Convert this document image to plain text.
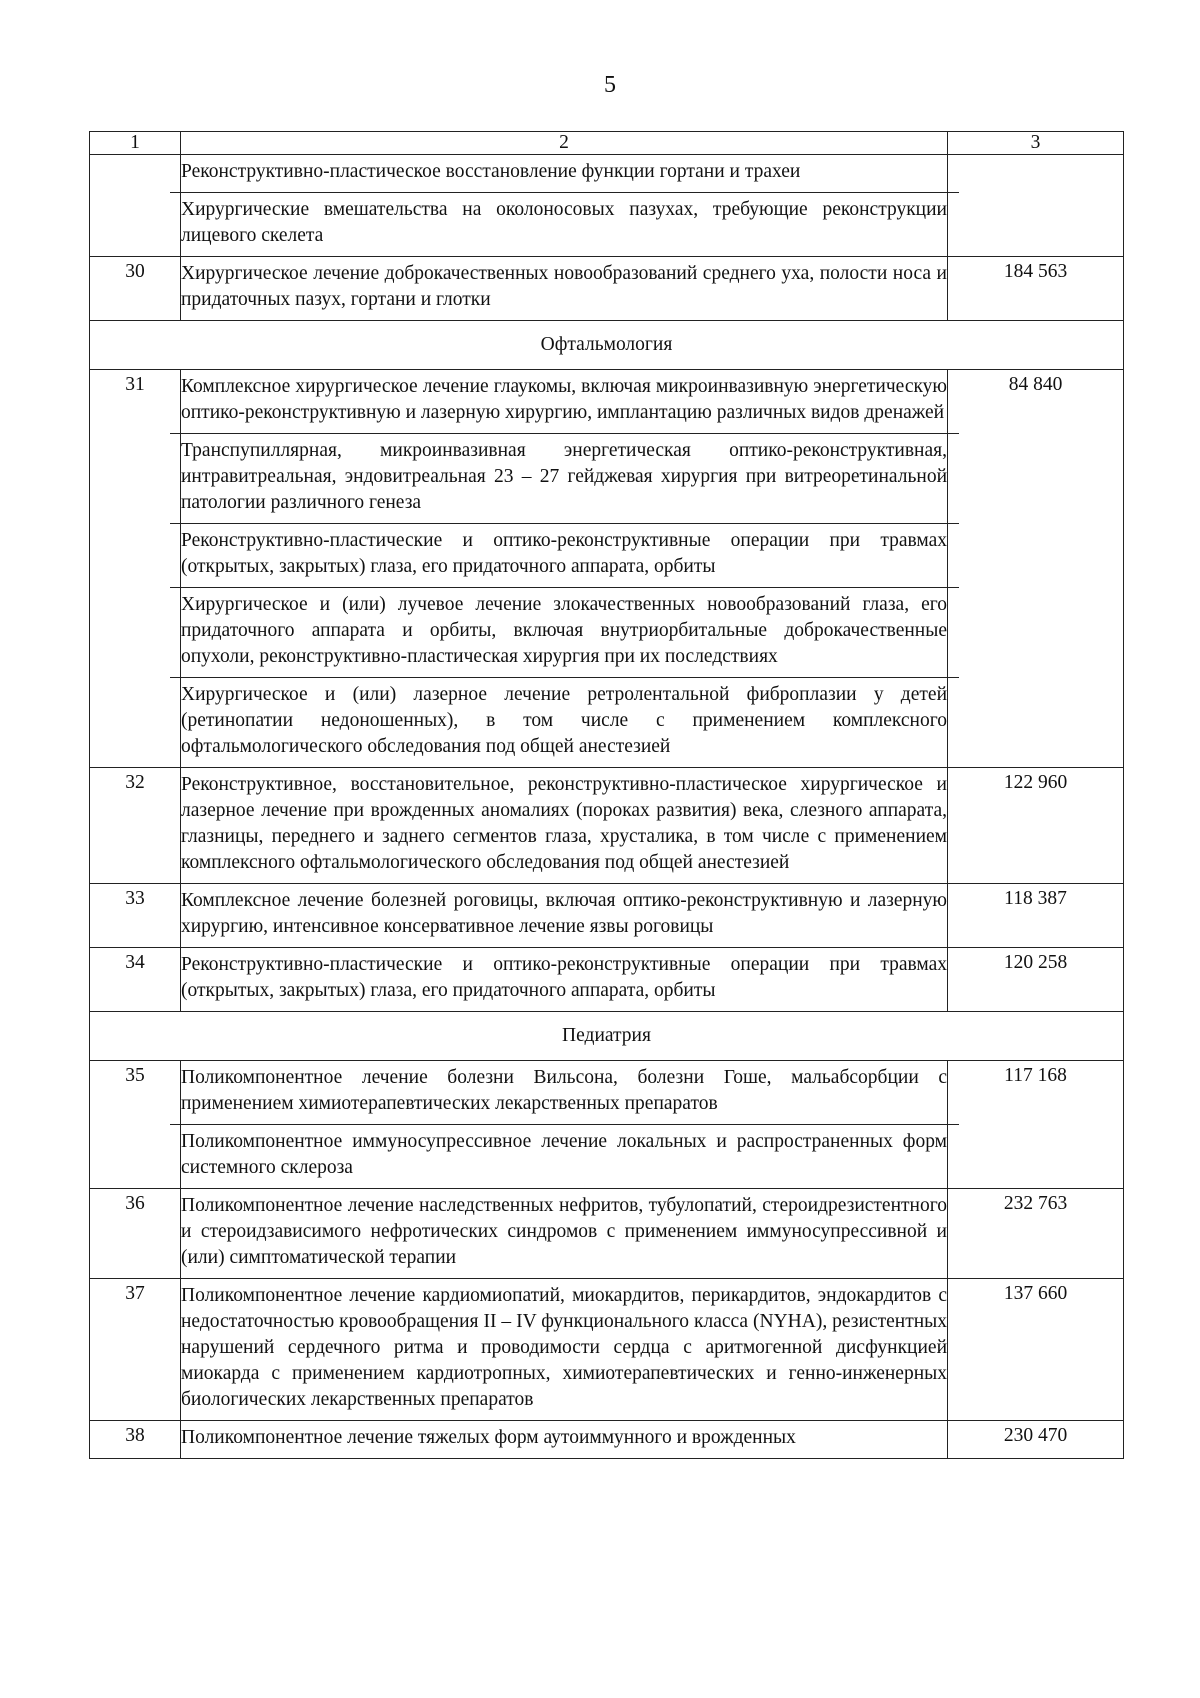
5
1	2	3

	Реконструктивно-пластическое восстановление функции гортани и трахеи
Хирургические вмешательства на околоносовых пазухах, требующие реконструкции лицевого скелета	

30	Хирургическое лечение доброкачественных новообразований среднего уха, полости носа и придаточных пазух, гортани и глотки	184 563
Офтальмология		
31	Комплексное хирургическое лечение глаукомы, включая микроинвазивную энергетическую оптико-реконструктивную и лазерную хирургию, имплантацию различных видов дренажей
Транспупиллярная, микроинвазивная энергетическая оптико-реконструктивная, интравитреальная, эндовитреальная 23 – 27 гейджевая хирургия при витреоретинальной патологии различного генеза
Реконструктивно-пластические и оптико-реконструктивные операции при травмах (открытых, закрытых) глаза, его придаточного аппарата, орбиты
Хирургическое и (или) лучевое лечение злокачественных новообразований глаза, его придаточного аппарата и орбиты, включая внутриорбитальные доброкачественные опухоли, реконструктивно-пластическая хирургия при их последствиях
Хирургическое и (или) лазерное лечение ретролентальной фиброплазии у детей (ретинопатии недоношенных), в том числе с применением комплексного офтальмологического обследования под общей анестезией	84 840
32	Реконструктивное, восстановительное, реконструктивно-пластическое хирургическое и лазерное лечение при врожденных аномалиях (пороках развития) века, слезного аппарата, глазницы, переднего и заднего сегментов глаза, хрусталика, в том числе с применением комплексного офтальмологического обследования под общей анестезией	122 960
33	Комплексное лечение болезней роговицы, включая оптико-реконструктивную и лазерную хирургию, интенсивное консервативное лечение язвы роговицы	118 387
34	Реконструктивно-пластические и оптико-реконструктивные операции при травмах (открытых, закрытых) глаза, его придаточного аппарата, орбиты	120 258
Педиатрия		
35	Поликомпонентное лечение болезни Вильсона, болезни Гоше, мальабсорбции с применением химиотерапевтических лекарственных препаратов
Поликомпонентное иммуносупрессивное лечение локальных и распространенных форм системного склероза	117 168
36	Поликомпонентное лечение наследственных нефритов, тубулопатий, стероидрезистентного и стероидзависимого нефротических синдромов с применением иммуносупрессивной и (или) симптоматической терапии	232 763
37	Поликомпонентное лечение кардиомиопатий, миокардитов, перикардитов, эндокардитов с недостаточностью кровообращения II – IV функционального класса (NYHA), резистентных нарушений сердечного ритма и проводимости сердца с аритмогенной дисфункцией миокарда с применением кардиотропных, химиотерапевтических и генно-инженерных биологических лекарственных препаратов	137 660
38	Поликомпонентное лечение тяжелых форм аутоиммунного и врожденных	230 470
